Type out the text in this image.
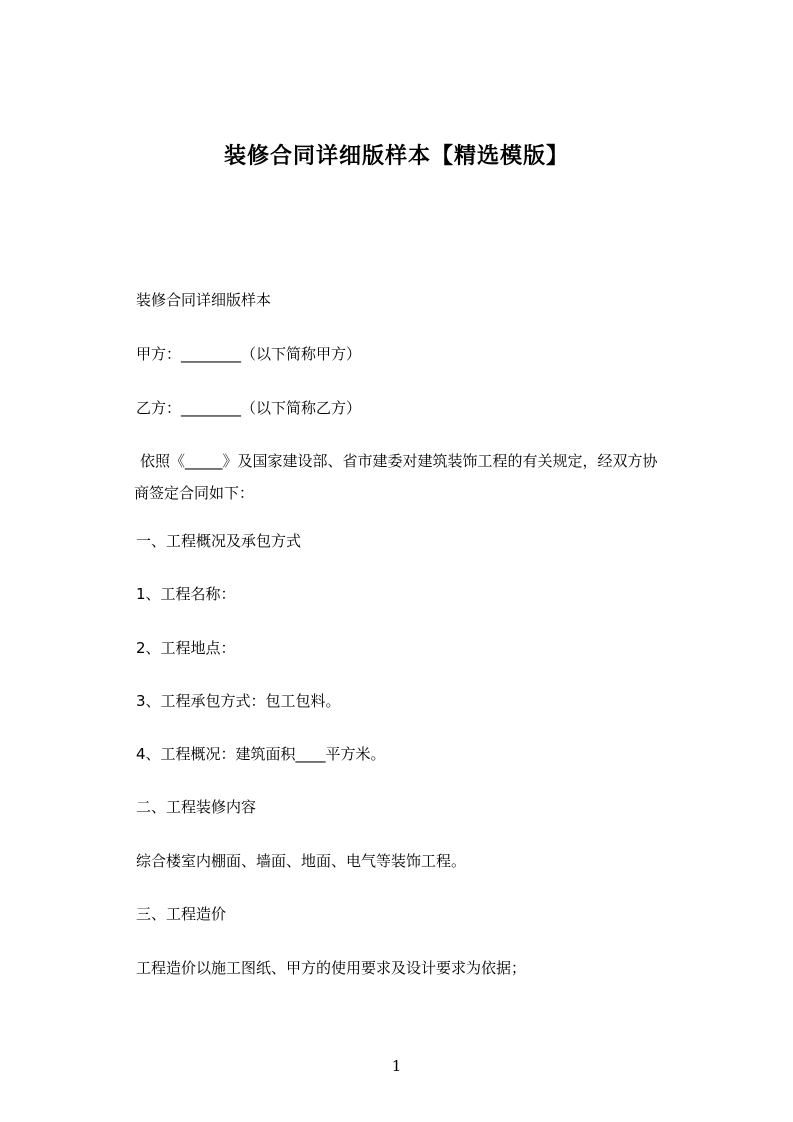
装修合同详细版样本【精选模版】
装修合同详细版样本
甲方：________（以下简称甲方）
乙方：________（以下简称乙方）
依照《_____》及国家建设部、省市建委对建筑装饰工程的有关规定，经双方协
商签定合同如下：
一、工程概况及承包方式
1、工程名称：
2、工程地点：
3、工程承包方式：包工包料。
4、工程概况：建筑面积____平方米。
二、工程装修内容
综合楼室内棚面、墙面、地面、电气等装饰工程。
三、工程造价
工程造价以施工图纸、甲方的使用要求及设计要求为依据；
1
